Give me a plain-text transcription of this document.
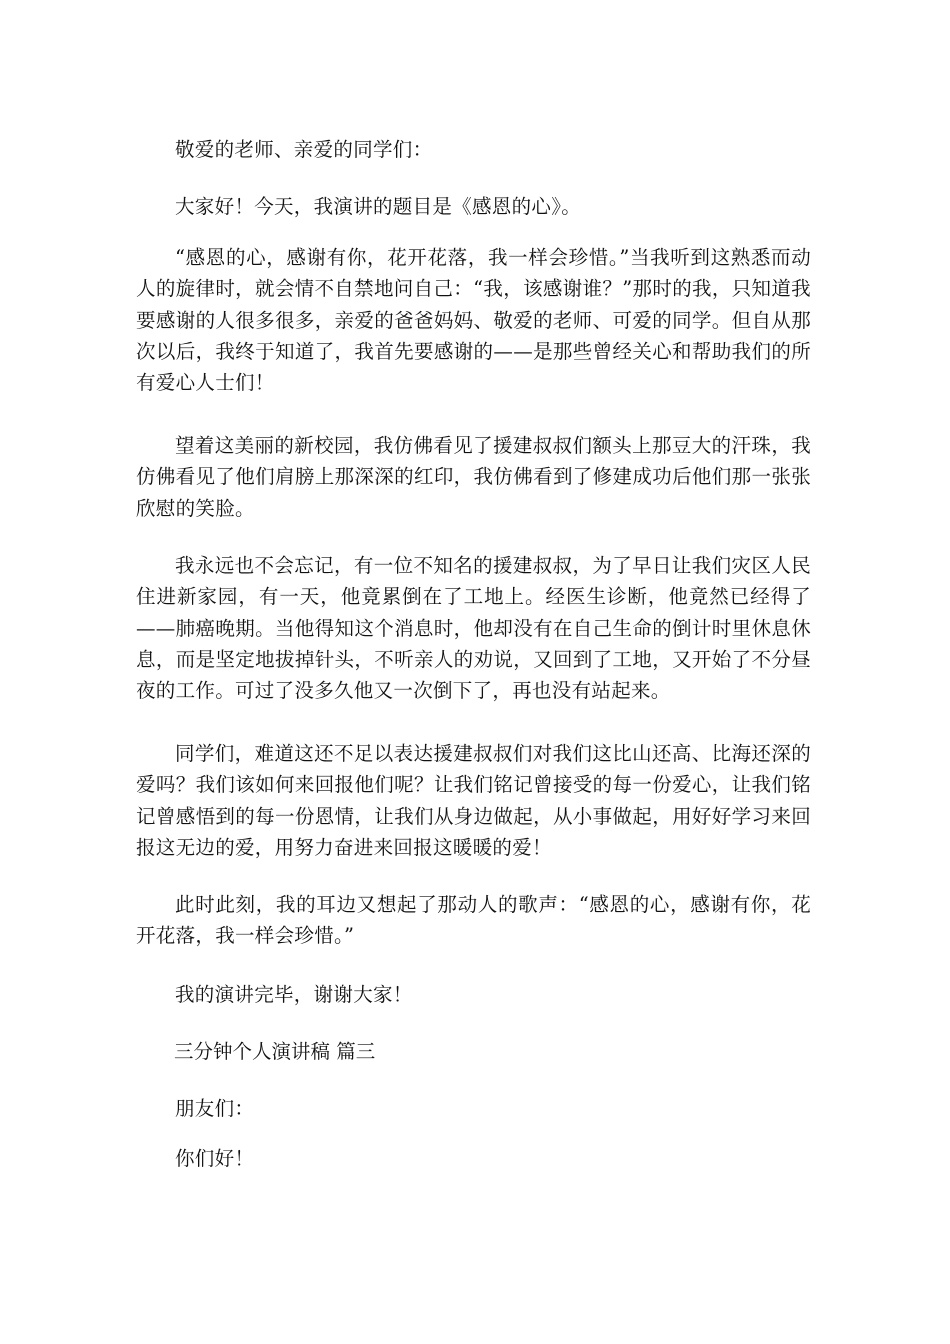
敬爱的老师、亲爱的同学们：

大家好！今天，我演讲的题目是《感恩的心》。

“感恩的心，感谢有你，花开花落，我一样会珍惜。”当我听到这熟悉而动人的旋律时，就会情不自禁地问自己：“我，该感谢谁？”那时的我，只知道我要感谢的人很多很多，亲爱的爸爸妈妈、敬爱的老师、可爱的同学。但自从那次以后，我终于知道了，我首先要感谢的——是那些曾经关心和帮助我们的所有爱心人士们！

望着这美丽的新校园，我仿佛看见了援建叔叔们额头上那豆大的汗珠，我仿佛看见了他们肩膀上那深深的红印，我仿佛看到了修建成功后他们那一张张欣慰的笑脸。

我永远也不会忘记，有一位不知名的援建叔叔，为了早日让我们灾区人民住进新家园，有一天，他竟累倒在了工地上。经医生诊断，他竟然已经得了——肺癌晚期。当他得知这个消息时，他却没有在自己生命的倒计时里休息休息，而是坚定地拔掉针头，不听亲人的劝说，又回到了工地，又开始了不分昼夜的工作。可过了没多久他又一次倒下了，再也没有站起来。

同学们，难道这还不足以表达援建叔叔们对我们这比山还高、比海还深的爱吗？我们该如何来回报他们呢？让我们铭记曾接受的每一份爱心，让我们铭记曾感悟到的每一份恩情，让我们从身边做起，从小事做起，用好好学习来回报这无边的爱，用努力奋进来回报这暖暖的爱！

此时此刻，我的耳边又想起了那动人的歌声：“感恩的心，感谢有你，花开花落，我一样会珍惜。”

我的演讲完毕，谢谢大家！

三分钟个人演讲稿 篇三

朋友们：

你们好！
